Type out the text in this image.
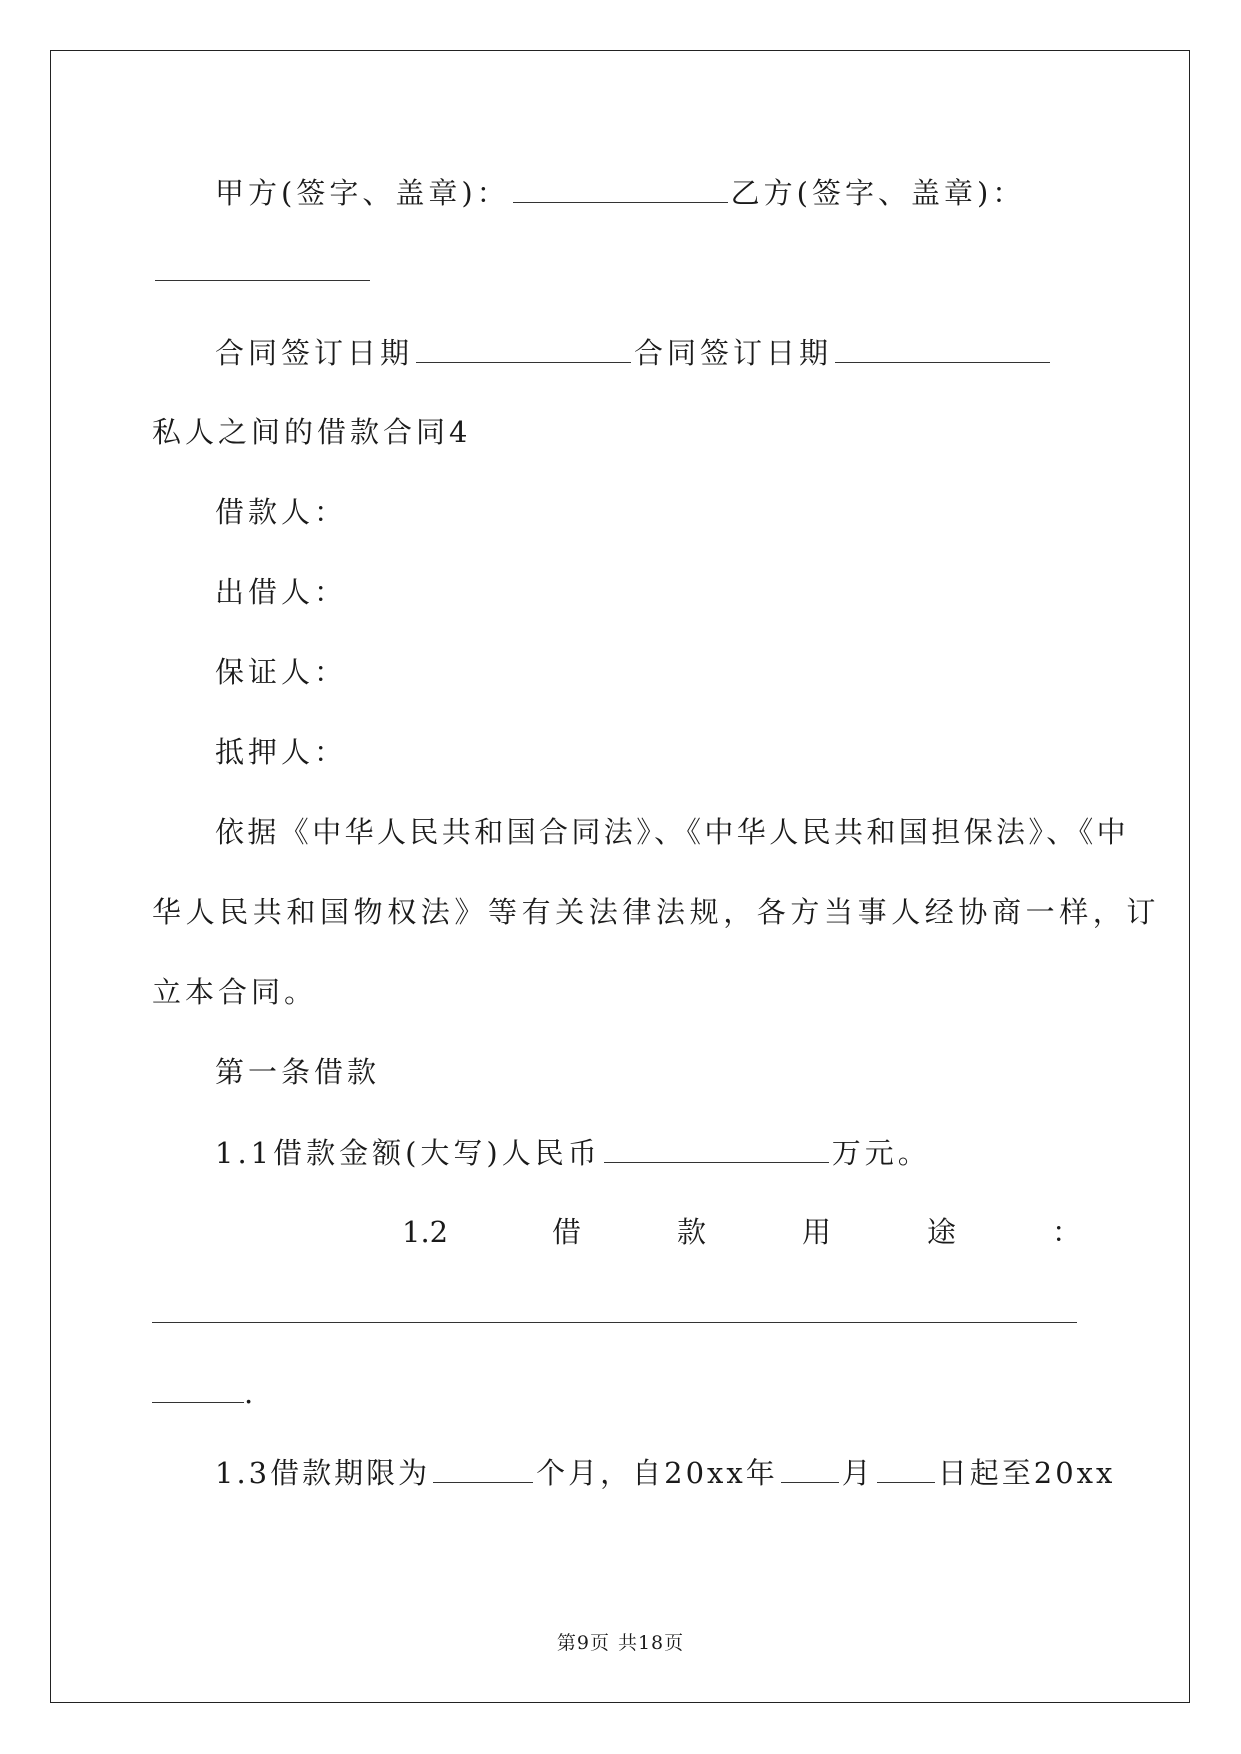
甲方(签字、盖章)：	乙方(签字、盖章)：
合同签订日期	合同签订日期
私人之间的借款合同4
借款人：
出借人：
保证人：
抵押人：
依据《中华人民共和国合同法》、《中华人民共和国担保法》、《中
华人民共和国物权法》等有关法律法规，各方当事人经协商一样，订
立本合同。
第一条借款
1.1借款金额(大写)人民币	万元。
1.2	借	款	用	途	：
.
1.3借款期限为	个月，自20xx年 月 日起至20xx
第9页 共18页
